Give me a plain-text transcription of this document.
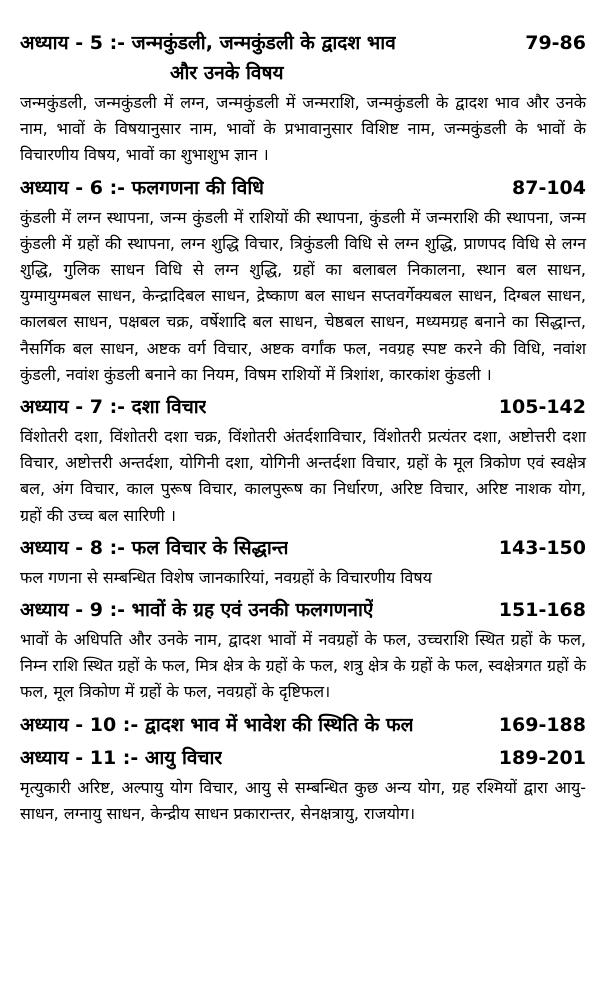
अध्याय - 5 :- जन्मकुंडली, जन्मकुंडली के द्वादश भाव	79-86
और उनके विषय
जन्मकुंडली, जन्मकुंडली में लग्न, जन्मकुंडली में जन्मराशि, जन्मकुंडली के द्वादश भाव और उनके नाम, भावों के विषयानुसार नाम, भावों के प्रभावानुसार विशिष्ट नाम, जन्मकुंडली के भावों के विचारणीय विषय, भावों का शुभाशुभ ज्ञान ।
अध्याय - 6 :- फलगणना की विधि	87-104
कुंडली में लग्न स्थापना, जन्म कुंडली में राशियों की स्थापना, कुंडली में जन्मराशि की स्थापना, जन्म कुंडली में ग्रहों की स्थापना, लग्न शुद्धि विचार, त्रिकुंडली विधि से लग्न शुद्धि, प्राणपद विधि से लग्न शुद्धि, गुलिक साधन विधि से लग्न शुद्धि, ग्रहों का बलाबल निकालना, स्थान बल साधन, युग्मायुग्मबल साधन, केन्द्रादिबल साधन, द्रेष्काण बल साधन सप्तवर्गेक्यबल साधन, दिग्बल साधन, कालबल साधन, पक्षबल चक्र, वर्षेशादि बल साधन, चेष्ठबल साधन, मध्यमग्रह बनाने का सिद्धान्त, नैसर्गिक बल साधन, अष्टक वर्ग विचार, अष्टक वर्गांक फल, नवग्रह स्पष्ट करने की विधि, नवांश कुंडली, नवांश कुंडली बनाने का नियम, विषम राशियों में त्रिशांश, कारकांश कुंडली ।
अध्याय - 7 :- दशा विचार	105-142
विंशोतरी दशा, विंशोतरी दशा चक्र, विंशोतरी अंतर्दशाविचार, विंशोतरी प्रत्यंतर दशा, अष्टोत्तरी दशा विचार, अष्टोत्तरी अन्तर्दशा, योगिनी दशा, योगिनी अन्तर्दशा विचार, ग्रहों के मूल त्रिकोण एवं स्वक्षेत्र बल, अंग विचार, काल पुरूष विचार, कालपुरूष का निर्धारण, अरिष्ट विचार, अरिष्ट नाशक योग, ग्रहों की उच्च बल सारिणी ।
अध्याय - 8 :- फल विचार के सिद्धान्त	143-150
फल गणना से सम्बन्धित विशेष जानकारियां, नवग्रहों के विचारणीय विषय
अध्याय - 9 :- भावों के ग्रह एवं उनकी फलगणनाऐं	151-168
भावों के अधिपति और उनके नाम, द्वादश भावों में नवग्रहों के फल, उच्चराशि स्थित ग्रहों के फल, निम्न राशि स्थित ग्रहों के फल, मित्र क्षेत्र के ग्रहों के फल, शत्रु क्षेत्र के ग्रहों के फल, स्वक्षेत्रगत ग्रहों के फल, मूल त्रिकोण में ग्रहों के फल, नवग्रहों के दृष्टिफल।
अध्याय - 10 :- द्वादश भाव में भावेश की स्थिति के फल	169-188
अध्याय - 11 :- आयु विचार	189-201
मृत्युकारी अरिष्ट, अल्पायु योग विचार, आयु से सम्बन्धित कुछ अन्य योग, ग्रह रश्मियों द्वारा आयु-साधन, लग्नायु साधन, केन्द्रीय साधन प्रकारान्तर, सेनक्षत्रायु, राजयोग।
